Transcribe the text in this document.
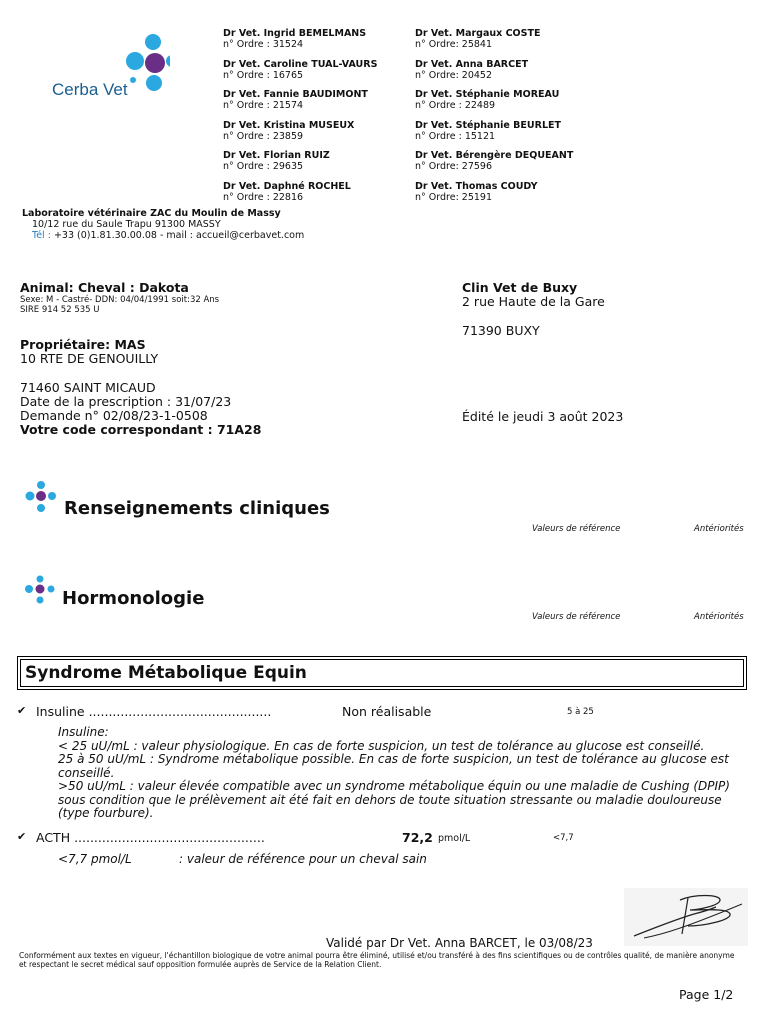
Cerba Vet
Dr Vet. Ingrid BEMELMANS
n° Ordre : 31524
Dr Vet. Caroline TUAL-VAURS
n° Ordre : 16765
Dr Vet. Fannie BAUDIMONT
n° Ordre : 21574
Dr Vet. Kristina MUSEUX
n° Ordre : 23859
Dr Vet. Florian RUIZ
n° Ordre : 29635
Dr Vet. Daphné ROCHEL
n° Ordre : 22816
Dr Vet. Margaux COSTE
n° Ordre: 25841
Dr Vet. Anna BARCET
n° Ordre: 20452
Dr Vet. Stéphanie MOREAU
n° Ordre : 22489
Dr Vet. Stéphanie BEURLET
n° Ordre : 15121
Dr Vet. Bérengère DEQUEANT
n° Ordre: 27596
Dr Vet. Thomas COUDY
n° Ordre: 25191
Laboratoire vétérinaire ZAC du Moulin de Massy
10/12 rue du Saule Trapu 91300 MASSY
Tél : +33 (0)1.81.30.00.08 - mail : accueil@cerbavet.com
Animal: Cheval : Dakota
Sexe: M - Castré- DDN: 04/04/1991 soit:32 Ans
SIRE 914 52 535 U
Propriétaire: MAS
10 RTE DE GENOUILLY
71460 SAINT MICAUD
Date de la prescription : 31/07/23
Demande n° 02/08/23-1-0508
Votre code correspondant : 71A28
Clin Vet de Buxy
2 rue Haute de la Gare
71390 BUXY
Édité le jeudi 3 août 2023
Renseignements cliniques
Valeurs de référence	Antériorités
Hormonologie
Valeurs de référence	Antériorités
Syndrome Métabolique Equin
✔ Insuline ..............................................	Non réalisable	5 à 25
Insuline:
< 25 uU/mL : valeur physiologique. En cas de forte suspicion, un test de tolérance au glucose est conseillé.
25 à 50 uU/mL : Syndrome métabolique possible. En cas de forte suspicion, un test de tolérance au glucose est conseillé.
>50 uU/mL : valeur élevée compatible avec un syndrome métabolique équin ou une maladie de Cushing (DPIP) sous condition que le prélèvement ait été fait en dehors de toute situation stressante ou maladie douloureuse (type fourbure).
✔ ACTH ................................................	72,2 pmol/L	<7,7
<7,7 pmol/L	: valeur de référence pour un cheval sain
Validé par Dr Vet. Anna BARCET, le 03/08/23
Conformément aux textes en vigueur, l'échantillon biologique de votre animal pourra être éliminé, utilisé et/ou transféré à des fins scientifiques ou de contrôles qualité, de manière anonyme et respectant le secret médical sauf opposition formulée auprès de Service de la Relation Client.
Page 1/2
